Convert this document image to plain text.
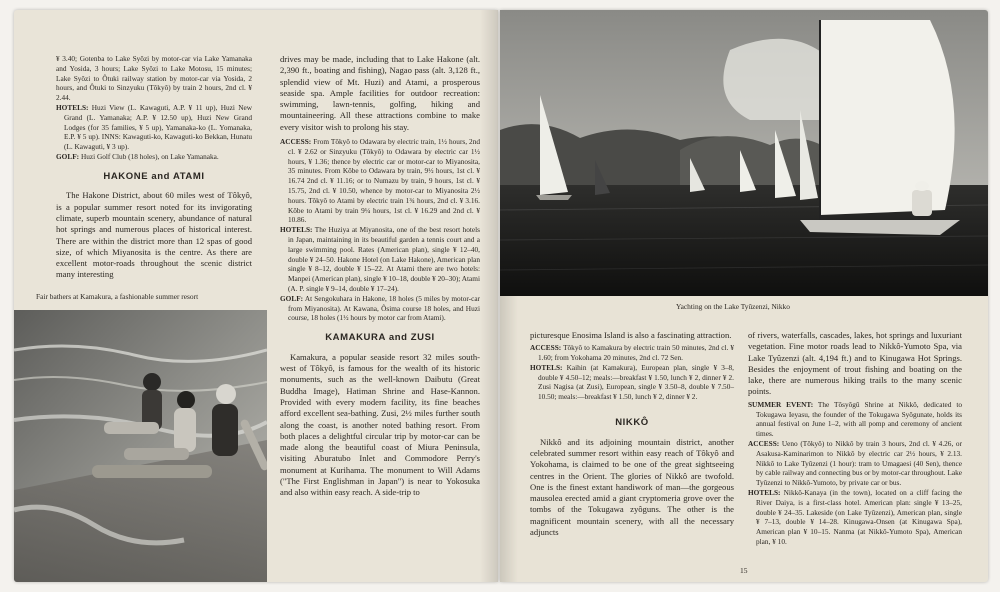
¥ 3.40; Gotenba to Lake Syôzi by motor-car via Lake Yamanaka and Yosida, 3 hours; Lake Syôzi to Lake Motosu, 15 minutes; Lake Syôzi to Ôtuki railway station by motor-car via Yosida, 2 hours, and Ôtuki to Sinzyuku (Tôkyô) by train 2 hours, 2nd cl. ¥ 2.44.

HOTELS: Huzi View (L. Kawaguti, A.P. ¥ 11 up), Huzi New Grand (L. Yamanaka; A.P. ¥ 12.50 up), Huzi New Grand Lodges (for 35 families, ¥ 5 up), Yamanaka-ko (L. Yomanaka, E.P. ¥ 5 up). INNS: Kawaguti-ko, Kawaguti-ko Bekkan, Hunatu (L. Kawaguti, ¥ 3 up).

GOLF: Huzi Golf Club (18 holes), on Lake Yamanaka.

HAKONE and ATAMI

The Hakone District, about 60 miles west of Tôkyô, is a popular summer resort noted for its invigorating climate, superb mountain scenery, abundance of natural hot springs and numerous places of historical interest. There are within the district more than 12 spas of good size, of which Miyanosita is the centre. As there are excellent motor-roads throughout the scenic district many interesting

Fair bathers at Kamakura, a fashionable summer resort

drives may be made, including that to Lake Hakone (alt. 2,390 ft., boating and fishing), Nagao pass (alt. 3,128 ft., splendid view of Mt. Huzi) and Atami, a prosperous seaside spa. Ample facilities for outdoor recreation: swimming, lawn-tennis, golfing, hiking and mountaineering. All these attractions combine to make every visitor wish to prolong his stay.

ACCESS: From Tôkyô to Odawara by electric train, 1½ hours, 2nd cl. ¥ 2.62 or Sinzyuku (Tôkyô) to Odawara by electric car 1½ hours, ¥ 1.36; thence by electric car or motor-car to Miyanosita, 35 minutes. From Kôbe to Odawara by train, 9½ hours, 1st cl. ¥ 16.74 2nd cl. ¥ 11.16; or to Numazu by train, 9 hours, 1st cl. ¥ 15.75, 2nd cl. ¥ 10.50, whence by motor-car to Miyanosita 2½ hours. Tôkyô to Atami by electric train 1¾ hours, 2nd cl. ¥ 3.16. Kôbe to Atami by train 9¼ hours, 1st cl. ¥ 16.29 and 2nd cl. ¥ 10.86.

HOTELS: The Huziya at Miyanosita, one of the best resort hotels in Japan, maintaining in its beautiful garden a tennis court and a large swimming pool. Rates (American plan), single ¥ 12–40, double ¥ 24–50. Hakone Hotel (on Lake Hakone), American plan single ¥ 8–12, double ¥ 15–22. At Atami there are two hotels: Manpei (American plan), single ¥ 10–18, double ¥ 20–30); Atami (A. P. single ¥ 9–14, double ¥ 17–24).

GOLF: At Sengokuhara in Hakone, 18 holes (5 miles by motor-car from Miyanosita). At Kawana, Ôsima course 18 holes, and Huzi course, 18 holes (1½ hours by motor car from Atami).

KAMAKURA and ZUSI

Kamakura, a popular seaside resort 32 miles south-west of Tôkyô, is famous for the wealth of its historic monuments, such as the well-known Daibutu (Great Buddha Image), Hatiman Shrine and Hase-Kannon. Provided with every modern facility, its fine beaches afford excellent sea-bathing. Zusi, 2½ miles further south along the coast, is another noted bathing resort. From both places a delightful circular trip by motor-car can be made along the beautiful coast of Miura Peninsula, visiting Aburatubo Inlet and Commodore Perry's monument at Kurihama. The monument to Will Adams ("The First Englishman in Japan") is near to Yokosuka and also within easy reach. A side-trip to

Yachting on the Lake Tyûzenzi, Nikko

picturesque Enosima Island is also a fascinating attraction.

ACCESS: Tôkyô to Kamakura by electric train 50 minutes, 2nd cl. ¥ 1.60; from Yokohama 20 minutes, 2nd cl. 72 Sen.

HOTELS: Kaihin (at Kamakura), European plan, single ¥ 3–8, double ¥ 4.50–12; meals:—breakfast ¥ 1.50, lunch ¥ 2, dinner ¥ 2. Zusi Nagisa (at Zusi), European, single ¥ 3.50–8, double ¥ 7.50–10.50; meals:—breakfast ¥ 1.50, lunch ¥ 2, dinner ¥ 2.

NIKKÔ

Nikkô and its adjoining mountain district, another celebrated summer resort within easy reach of Tôkyô and Yokohama, is claimed to be one of the great sightseeing centres in the Orient. The glories of Nikkô are twofold. One is the finest extant handiwork of man—the gorgeous mausolea erected amid a giant cryptomeria grove over the tombs of the Tokugawa zyôguns. The other is the magnificent mountain scenery, with all the necessary adjuncts

of rivers, waterfalls, cascades, lakes, hot springs and luxuriant vegetation. Fine motor roads lead to Nikkô-Yumoto Spa, via Lake Tyûzenzi (alt. 4,194 ft.) and to Kinugawa Hot Springs. Besides the enjoyment of trout fishing and boating on the lake, there are numerous hiking trails to the many scenic points.

SUMMER EVENT: The Tôsyôgû Shrine at Nikkô, dedicated to Tokugawa Ieyasu, the founder of the Tokugawa Syôgunate, holds its annual festival on June 1–2, with all pomp and ceremony of ancient times.

ACCESS: Ueno (Tôkyô) to Nikkô by train 3 hours, 2nd cl. ¥ 4.26, or Asakusa-Kaminarimon to Nikkô by electric car 2½ hours, ¥ 2.13. Nikkô to Lake Tyûzenzi (1 hour): tram to Umagaesi (40 Sen), thence by cable railway and connecting bus or by motor-car throughout. Lake Tyûzenzi to Nikkô-Yumoto, by private car or bus.

HOTELS: Nikkô-Kanaya (in the town), located on a cliff facing the River Daiya, is a first-class hotel. American plan: single ¥ 13–25, double ¥ 24–35. Lakeside (on Lake Tyûzenzi), American plan, single ¥ 7–13, double ¥ 14–28. Kinugawa-Onsen (at Kinugawa Spa), American plan ¥ 10–15. Nanma (at Nikkô-Yumoto Spa), American plan, ¥ 10.

15
